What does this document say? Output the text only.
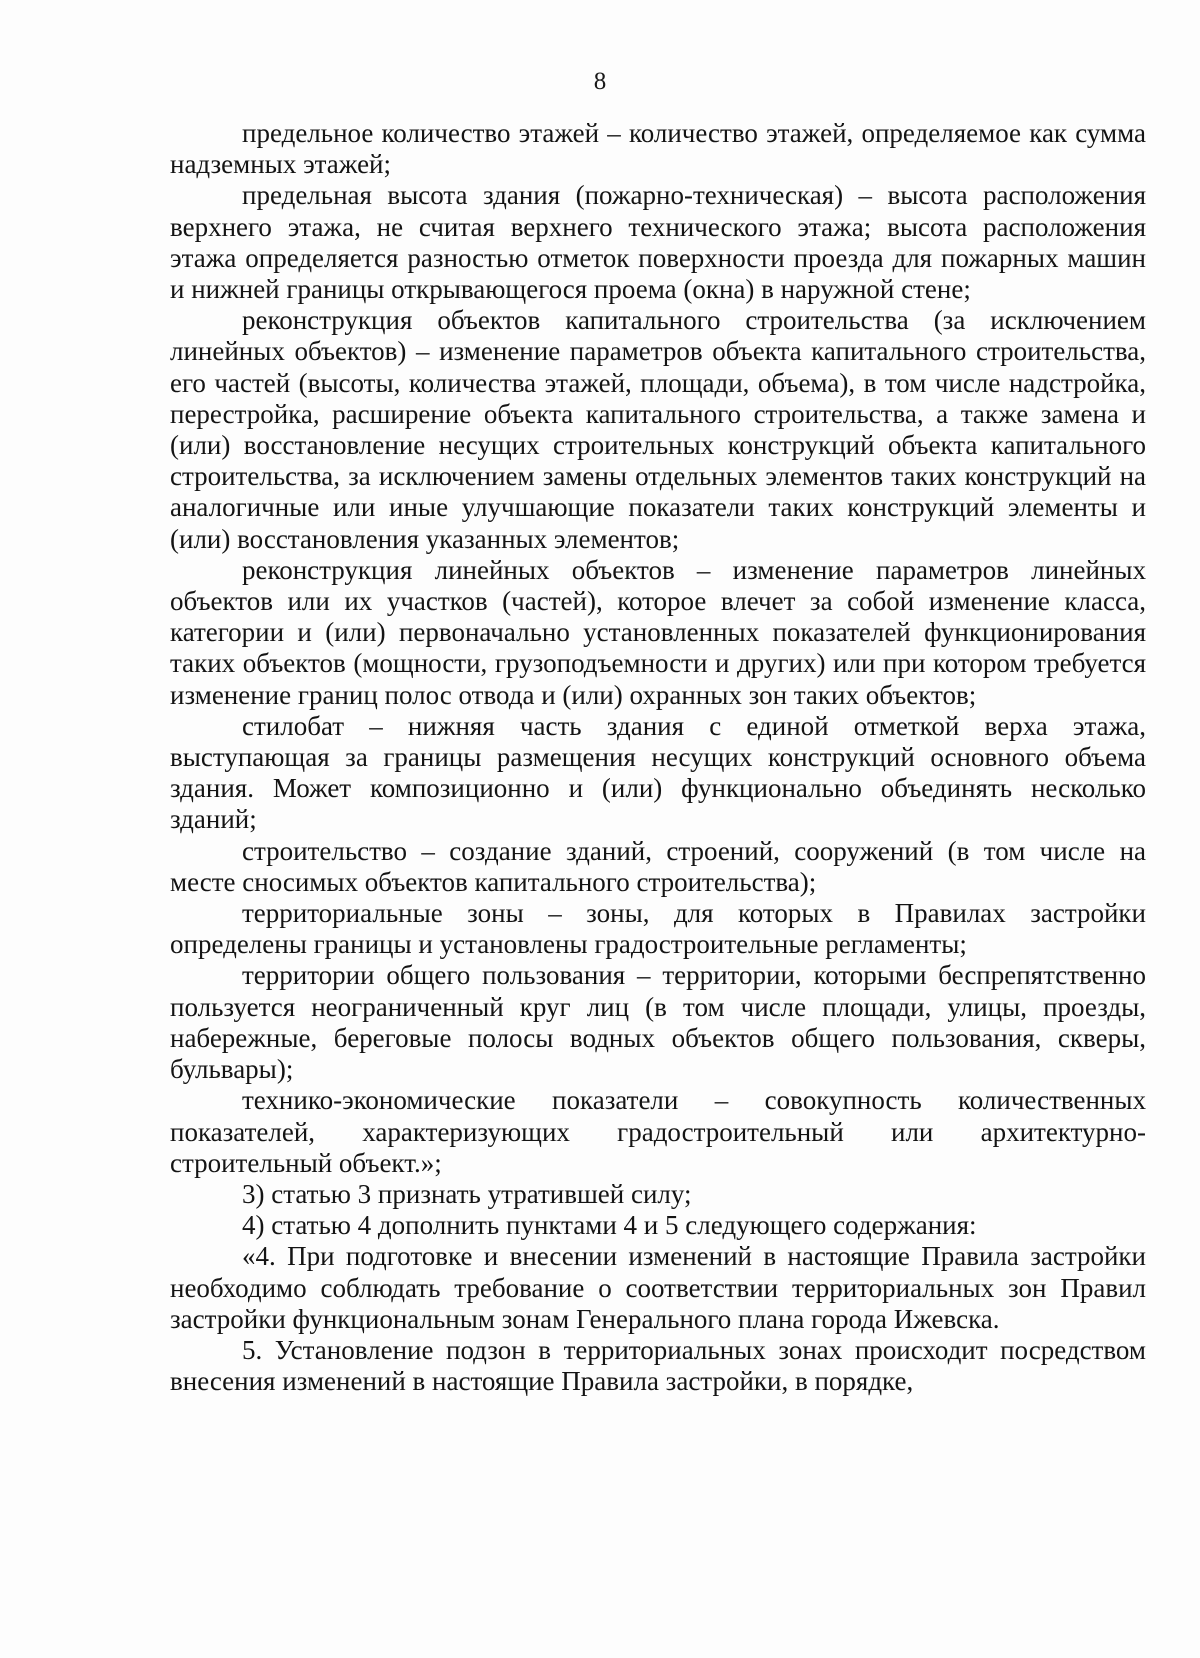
8

предельное количество этажей – количество этажей, определяемое как сумма надземных этажей;

предельная высота здания (пожарно-техническая) – высота расположения верхнего этажа, не считая верхнего технического этажа; высота расположения этажа определяется разностью отметок поверхности проезда для пожарных машин и нижней границы открывающегося проема (окна) в наружной стене;

реконструкция объектов капитального строительства (за исключением линейных объектов) – изменение параметров объекта капитального строительства, его частей (высоты, количества этажей, площади, объема), в том числе надстройка, перестройка, расширение объекта капитального строительства, а также замена и (или) восстановление несущих строительных конструкций объекта капитального строительства, за исключением замены отдельных элементов таких конструкций на аналогичные или иные улучшающие показатели таких конструкций элементы и (или) восстановления указанных элементов;

реконструкция линейных объектов – изменение параметров линейных объектов или их участков (частей), которое влечет за собой изменение класса, категории и (или) первоначально установленных показателей функционирования таких объектов (мощности, грузоподъемности и других) или при котором требуется изменение границ полос отвода и (или) охранных зон таких объектов;

стилобат – нижняя часть здания с единой отметкой верха этажа, выступающая за границы размещения несущих конструкций основного объема здания. Может композиционно и (или) функционально объединять несколько зданий;

строительство – создание зданий, строений, сооружений (в том числе на месте сносимых объектов капитального строительства);

территориальные зоны – зоны, для которых в Правилах застройки определены границы и установлены градостроительные регламенты;

территории общего пользования – территории, которыми беспрепятственно пользуется неограниченный круг лиц (в том числе площади, улицы, проезды, набережные, береговые полосы водных объектов общего пользования, скверы, бульвары);

технико-экономические показатели – совокупность количественных показателей, характеризующих градостроительный или архитектурно-строительный объект.»;

3) статью 3 признать утратившей силу;

4) статью 4 дополнить пунктами 4 и 5 следующего содержания:

«4. При подготовке и внесении изменений в настоящие Правила застройки необходимо соблюдать требование о соответствии территориальных зон Правил застройки функциональным зонам Генерального плана города Ижевска.

5. Установление подзон в территориальных зонах происходит посредством внесения изменений в настоящие Правила застройки, в порядке,
